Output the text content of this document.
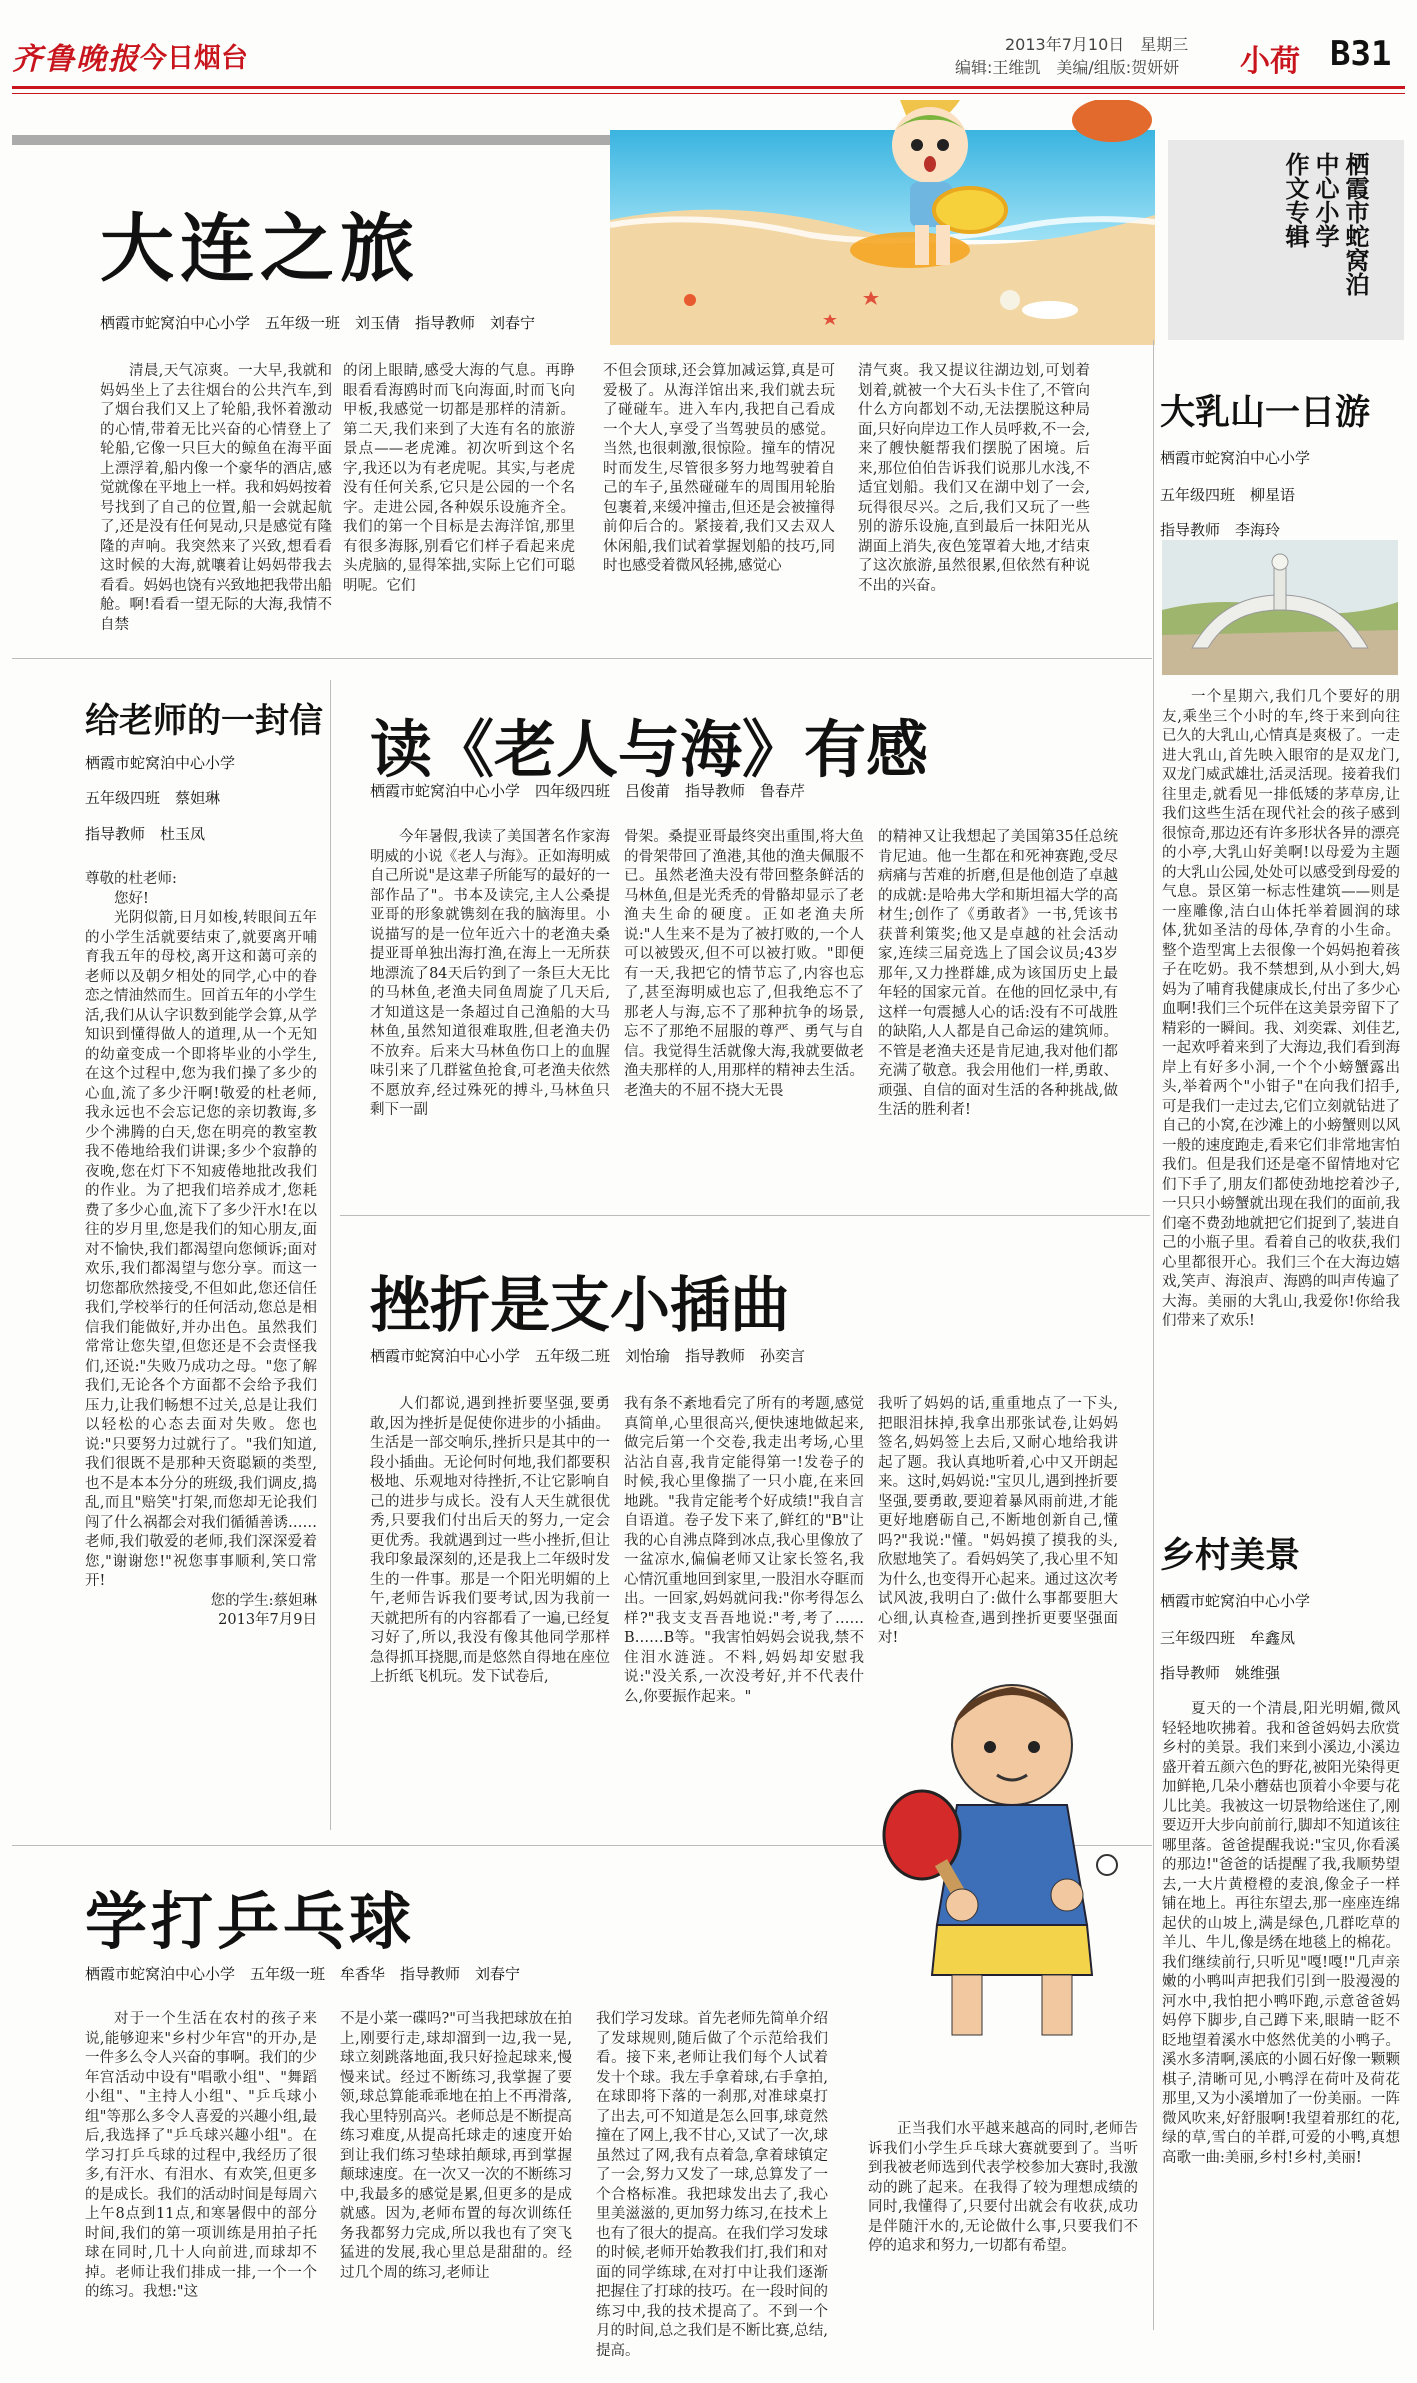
齐鲁晚报 今日烟台	2013年7月10日　星期三
编辑:王维凯　美编/组版:贺妍妍 小荷 B31
栖霞市蛇窝泊
中心小学
作文专辑
大连之旅
栖霞市蛇窝泊中心小学　五年级一班　刘玉倩　指导教师　刘春宁

清晨,天气凉爽。一大早,我就和妈妈坐上了去往烟台的公共汽车,到了烟台我们又上了轮船,我怀着激动的心情,带着无比兴奋的心情登上了轮船,它像一只巨大的鲸鱼在海平面上漂浮着,船内像一个豪华的酒店,感觉就像在平地上一样。我和妈妈按着号找到了自己的位置,船一会就起航了,还是没有任何晃动,只是感觉有隆隆的声响。我突然来了兴致,想看看这时候的大海,就嚷着让妈妈带我去看看。妈妈也饶有兴致地把我带出船舱。啊!看看一望无际的大海,我情不自禁

的闭上眼睛,感受大海的气息。再睁眼看看海鸥时而飞向海面,时而飞向甲板,我感觉一切都是那样的清新。第二天,我们来到了大连有名的旅游景点——老虎滩。初次听到这个名字,我还以为有老虎呢。其实,与老虎没有任何关系,它只是公园的一个名字。走进公园,各种娱乐设施齐全。我们的第一个目标是去海洋馆,那里有很多海豚,别看它们样子看起来虎头虎脑的,显得笨拙,实际上它们可聪明呢。它们

不但会顶球,还会算加减运算,真是可爱极了。从海洋馆出来,我们就去玩了碰碰车。进入车内,我把自己看成一个大人,享受了当驾驶员的感觉。当然,也很刺激,很惊险。撞车的情况时而发生,尽管很多努力地驾驶着自己的车子,虽然碰碰车的周围用轮胎包裹着,来缓冲撞击,但还是会被撞得前仰后合的。紧接着,我们又去双人休闲船,我们试着掌握划船的技巧,同时也感受着微风轻拂,感觉心

清气爽。我又提议往湖边划,可划着划着,就被一个大石头卡住了,不管向什么方向都划不动,无法摆脱这种局面,只好向岸边工作人员呼救,不一会,来了艘快艇帮我们摆脱了困境。后来,那位伯伯告诉我们说那儿水浅,不适宜划船。我们又在湖中划了一会,玩得很尽兴。之后,我们又玩了一些别的游乐设施,直到最后一抹阳光从湖面上消失,夜色笼罩着大地,才结束了这次旅游,虽然很累,但依然有种说不出的兴奋。

大乳山一日游
栖霞市蛇窝泊中心小学
五年级四班　柳星语
指导教师　李海玲

一个星期六,我们几个要好的朋友,乘坐三个小时的车,终于来到向往已久的大乳山,心情真是爽极了。一走进大乳山,首先映入眼帘的是双龙门,双龙门威武雄壮,活灵活现。接着我们往里走,就看见一排低矮的茅草房,让我们这些生活在现代社会的孩子感到很惊奇,那边还有许多形状各异的漂亮的小亭,大乳山好美啊!以母爱为主题的大乳山公园,处处可以感受到母爱的气息。景区第一标志性建筑——则是一座雕像,洁白山体托举着圆润的球体,犹如圣洁的母体,孕育的小生命。整个造型寓上去很像一个妈妈抱着孩子在吃奶。我不禁想到,从小到大,妈妈为了哺育我健康成长,付出了多少心血啊!我们三个玩伴在这美景旁留下了精彩的一瞬间。我、刘奕霖、刘佳艺,一起欢呼着来到了大海边,我们看到海岸上有好多小洞,一个个小螃蟹露出头,举着两个"小钳子"在向我们招手,可是我们一走过去,它们立刻就钻进了自己的小窝,在沙滩上的小螃蟹则以风一般的速度跑走,看来它们非常地害怕我们。但是我们还是毫不留情地对它们下手了,朋友们都使劲地挖着沙子,一只只小螃蟹就出现在我们的面前,我们毫不费劲地就把它们捉到了,装进自己的小瓶子里。看着自己的收获,我们心里都很开心。我们三个在大海边嬉戏,笑声、海浪声、海鸥的叫声传遍了大海。美丽的大乳山,我爱你!你给我们带来了欢乐!

乡村美景
栖霞市蛇窝泊中心小学
三年级四班　牟鑫凤
指导教师　姚维强

夏天的一个清晨,阳光明媚,微风轻轻地吹拂着。我和爸爸妈妈去欣赏乡村的美景。我们来到小溪边,小溪边盛开着五颜六色的野花,被阳光染得更加鲜艳,几朵小蘑菇也顶着小伞要与花儿比美。我被这一切景物给迷住了,刚要迈开大步向前前行,脚却不知道该往哪里落。爸爸提醒我说:"宝贝,你看溪的那边!"爸爸的话提醒了我,我顺势望去,一大片黄橙橙的麦浪,像金子一样铺在地上。再往东望去,那一座座连绵起伏的山坡上,满是绿色,几群吃草的羊儿、牛儿,像是绣在地毯上的棉花。我们继续前行,只听见"嘎!嘎!"几声亲嫩的小鸭叫声把我们引到一股漫漫的河水中,我怕把小鸭吓跑,示意爸爸妈妈停下脚步,自己蹲下来,眼睛一眨不眨地望着溪水中悠然优美的小鸭子。溪水多清啊,溪底的小圆石好像一颗颗棋子,清晰可见,小鸭浮在荷叶及荷花那里,又为小溪增加了一份美丽。一阵微风吹来,好舒服啊!我望着那红的花,绿的草,雪白的羊群,可爱的小鸭,真想高歌一曲:美丽,乡村!乡村,美丽!

给老师的一封信
栖霞市蛇窝泊中心小学
五年级四班　蔡妲琳
指导教师　杜玉凤

尊敬的杜老师:

您好!

光阴似箭,日月如梭,转眼间五年的小学生活就要结束了,就要离开哺育我五年的母校,离开这和蔼可亲的老师以及朝夕相处的同学,心中的眷恋之情油然而生。回首五年的小学生活,我们从认字识数到能学会算,从学知识到懂得做人的道理,从一个无知的幼童变成一个即将毕业的小学生,在这个过程中,您为我们操了多少的心血,流了多少汗啊!敬爱的杜老师,我永远也不会忘记您的亲切教诲,多少个沸腾的白天,您在明亮的教室教我不倦地给我们讲课;多少个寂静的夜晚,您在灯下不知疲倦地批改我们的作业。为了把我们培养成才,您耗费了多少心血,流下了多少汗水!在以往的岁月里,您是我们的知心朋友,面对不愉快,我们都渴望向您倾诉;面对欢乐,我们都渴望与您分享。而这一切您都欣然接受,不但如此,您还信任我们,学校举行的任何活动,您总是相信我们能做好,并办出色。虽然我们常常让您失望,但您还是不会责怪我们,还说:"失败乃成功之母。"您了解我们,无论各个方面都不会给予我们压力,让我们畅想不过关,总是让我们以轻松的心态去面对失败。您也说:"只要努力过就行了。"我们知道,我们很既不是那种天资聪颖的类型,也不是本本分分的班级,我们调皮,捣乱,而且"赔笑"打架,而您却无论我们闯了什么祸都会对我们循循善诱……老师,我们敬爱的老师,我们深深爱着您,"谢谢您!"祝您事事顺利,笑口常开!

您的学生:蔡妲琳

2013年7月9日

读《老人与海》有感
栖霞市蛇窝泊中心小学　四年级四班　吕俊莆　指导教师　鲁春芹

今年暑假,我读了美国著名作家海明威的小说《老人与海》。正如海明威自己所说"是这辈子所能写的最好的一部作品了"。书本及读完,主人公桑提亚哥的形象就镌刻在我的脑海里。小说描写的是一位年近六十的老渔夫桑提亚哥单独出海打渔,在海上一无所获地漂流了84天后钓到了一条巨大无比的马林鱼,老渔夫同鱼周旋了几天后,才知道这是一条超过自己渔船的大马林鱼,虽然知道很难取胜,但老渔夫仍不放弃。后来大马林鱼伤口上的血腥味引来了几群鲨鱼抢食,可老渔夫依然不愿放弃,经过殊死的搏斗,马林鱼只剩下一副

骨架。桑提亚哥最终突出重围,将大鱼的骨架带回了渔港,其他的渔夫佩服不已。虽然老渔夫没有带回整条鲜活的马林鱼,但是光秃秃的骨骼却显示了老渔夫生命的硬度。正如老渔夫所说:"人生来不是为了被打败的,一个人可以被毁灭,但不可以被打败。"即便有一天,我把它的情节忘了,内容也忘了,甚至海明威也忘了,但我绝忘不了那老人与海,忘不了那种抗争的场景,忘不了那绝不屈服的尊严、勇气与自信。我觉得生活就像大海,我就要做老渔夫那样的人,用那样的精神去生活。老渔夫的不屈不挠大无畏

的精神又让我想起了美国第35任总统肯尼迪。他一生都在和死神赛跑,受尽病痛与苦难的折磨,但是他创造了卓越的成就:是哈弗大学和斯坦福大学的高材生;创作了《勇敢者》一书,凭该书获普利策奖;他又是卓越的社会活动家,连续三届竞选上了国会议员;43岁那年,又力挫群雄,成为该国历史上最年轻的国家元首。在他的回忆录中,有这样一句震撼人心的话:没有不可战胜的缺陷,人人都是自己命运的建筑师。不管是老渔夫还是肯尼迪,我对他们都充满了敬意。我会用他们一样,勇敢、顽强、自信的面对生活的各种挑战,做生活的胜利者!

挫折是支小插曲
栖霞市蛇窝泊中心小学　五年级二班　刘怡瑜　指导教师　孙奕言

人们都说,遇到挫折要坚强,要勇敢,因为挫折是促使你进步的小插曲。生活是一部交响乐,挫折只是其中的一段小插曲。无论何时何地,我们都要积极地、乐观地对待挫折,不让它影响自己的进步与成长。没有人天生就很优秀,只要我们付出后天的努力,一定会更优秀。我就遇到过一些小挫折,但让我印象最深刻的,还是我上二年级时发生的一件事。那是一个阳光明媚的上午,老师告诉我们要考试,因为我前一天就把所有的内容都看了一遍,已经复习好了,所以,我没有像其他同学那样急得抓耳挠腮,而是悠然自得地在座位上折纸飞机玩。发下试卷后,

我有条不紊地看完了所有的考题,感觉真简单,心里很高兴,便快速地做起来,做完后第一个交卷,我走出考场,心里沾沾自喜,我肯定能得第一!发卷子的时候,我心里像揣了一只小鹿,在来回地跳。"我肯定能考个好成绩!"我自言自语道。卷子发下来了,鲜红的"B"让我的心自沸点降到冰点,我心里像放了一盆凉水,偏偏老师又让家长签名,我心情沉重地回到家里,一股泪水夺眶而出。一回家,妈妈就问我:"你考得怎么样?"我支支吾吾地说:"考,考了……B……B等。"我害怕妈妈会说我,禁不住泪水涟涟。不料,妈妈却安慰我说:"没关系,一次没考好,并不代表什么,你要振作起来。"

我听了妈妈的话,重重地点了一下头,把眼泪抹掉,我拿出那张试卷,让妈妈签名,妈妈签上去后,又耐心地给我讲起了题。我认真地听着,心中又开朗起来。这时,妈妈说:"宝贝儿,遇到挫折要坚强,要勇敢,要迎着暴风雨前进,才能更好地磨砺自己,不断地创新自己,懂吗?"我说:"懂。"妈妈摸了摸我的头,欣慰地笑了。看妈妈笑了,我心里不知为什么,也变得开心起来。通过这次考试风波,我明白了:做什么事都要胆大心细,认真检查,遇到挫折更要坚强面对!

学打乒乓球
栖霞市蛇窝泊中心小学　五年级一班　牟香华　指导教师　刘春宁

对于一个生活在农村的孩子来说,能够迎来"乡村少年宫"的开办,是一件多么令人兴奋的事啊。我们的少年宫活动中设有"唱歌小组"、"舞蹈小组"、"主持人小组"、"乒乓球小组"等那么多令人喜爱的兴趣小组,最后,我选择了"乒乓球兴趣小组"。在学习打乒乓球的过程中,我经历了很多,有汗水、有泪水、有欢笑,但更多的是成长。我们的活动时间是每周六上午8点到11点,和寒暑假中的部分时间,我们的第一项训练是用拍子托球在同时,几十人向前进,而球却不掉。老师让我们排成一排,一个一个的练习。我想:"这

不是小菜一碟吗?"可当我把球放在拍上,刚要行走,球却溜到一边,我一晃,球立刻跳落地面,我只好捡起球来,慢慢来试。经过不断练习,我掌握了要领,球总算能乖乖地在拍上不再滑落,我心里特别高兴。老师总是不断提高练习难度,从提高托球走的速度开始到让我们练习垫球拍颠球,再到掌握颠球速度。在一次又一次的不断练习中,我最多的感觉是累,但更多的是成就感。因为,老师布置的每次训练任务我都努力完成,所以我也有了突飞猛进的发展,我心里总是甜甜的。经过几个周的练习,老师让

我们学习发球。首先老师先简单介绍了发球规则,随后做了个示范给我们看。接下来,老师让我们每个人试着发十个球。我左手拿着球,右手拿拍,在球即将下落的一刹那,对准球桌打了出去,可不知道是怎么回事,球竟然撞在了网上,我不甘心,又试了一次,球虽然过了网,我有点着急,拿着球镇定了一会,努力又发了一球,总算发了一个合格标准。我把球发出去了,我心里美滋滋的,更加努力练习,在技术上也有了很大的提高。在我们学习发球的时候,老师开始教我们打,我们和对面的同学练球,在对打中让我们逐渐把握住了打球的技巧。在一段时间的练习中,我的技术提高了。不到一个月的时间,总之我们是不断比赛,总结,提高。

正当我们水平越来越高的同时,老师告诉我们小学生乒乓球大赛就要到了。当听到我被老师选到代表学校参加大赛时,我激动的跳了起来。在我得了较为理想成绩的同时,我懂得了,只要付出就会有收获,成功是伴随汗水的,无论做什么事,只要我们不停的追求和努力,一切都有希望。
